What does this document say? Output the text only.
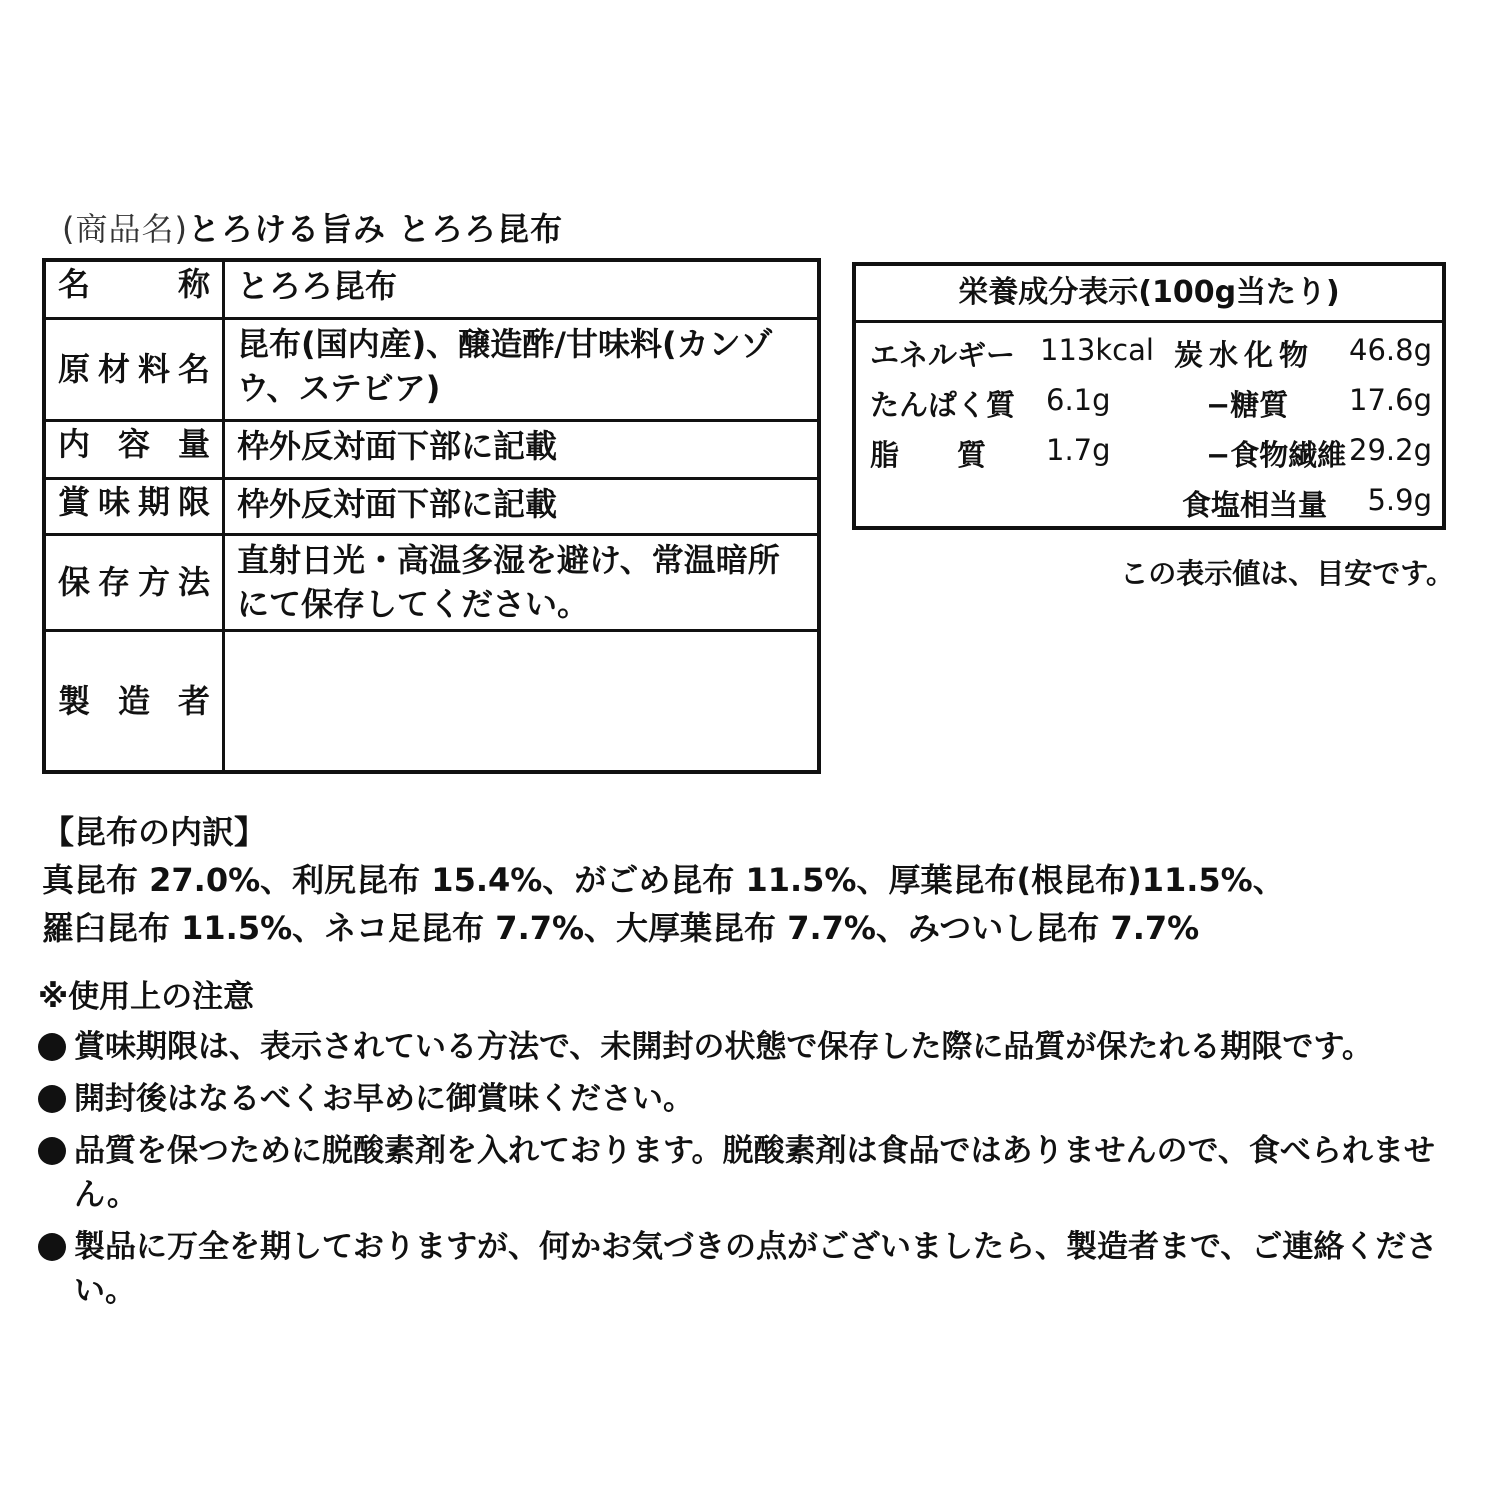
(商品名)とろける旨み とろろ昆布
名称	とろろ昆布
原材料名	昆布(国内産)、醸造酢/甘味料(カンゾウ、ステビア)
内容量	枠外反対面下部に記載
賞味期限	枠外反対面下部に記載
保存方法	直射日光・高温多湿を避け、常温暗所にて保存してください。
製造者	
栄養成分表示(100g当たり)
エネルギー 113kcal 炭水化物 46.8g
たんぱく質 6.1g	−糖質 17.6g
脂　　質 1.7g	−食物繊維 29.2g
食塩相当量 5.9g
この表示値は、目安です。
【昆布の内訳】
真昆布 27.0%、利尻昆布 15.4%、がごめ昆布 11.5%、厚葉昆布(根昆布)11.5%、
羅臼昆布 11.5%、ネコ足昆布 7.7%、大厚葉昆布 7.7%、みついし昆布 7.7%
※使用上の注意
賞味期限は、表示されている方法で、未開封の状態で保存した際に品質が保たれる期限です。
開封後はなるべくお早めに御賞味ください。
品質を保つために脱酸素剤を入れております。脱酸素剤は食品ではありませんので、食べられません。
製品に万全を期しておりますが、何かお気づきの点がございましたら、製造者まで、ご連絡ください。
